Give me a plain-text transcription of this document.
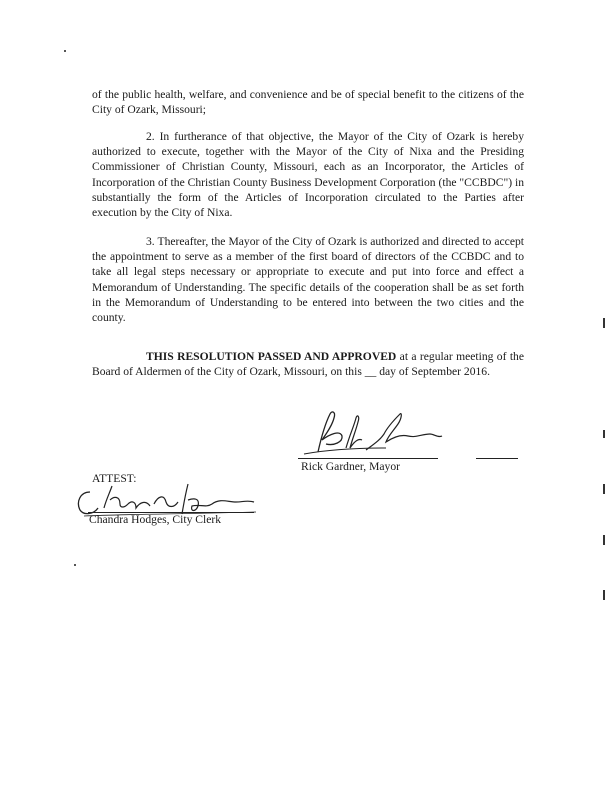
of the public health, welfare, and convenience and be of special benefit to the citizens of the City of Ozark, Missouri;

2. In furtherance of that objective, the Mayor of the City of Ozark is hereby authorized to execute, together with the Mayor of the City of Nixa and the Presiding Commissioner of Christian County, Missouri, each as an Incorporator, the Articles of Incorporation of the Christian County Business Development Corporation (the "CCBDC") in substantially the form of the Articles of Incorporation circulated to the Parties after execution by the City of Nixa.

3. Thereafter, the Mayor of the City of Ozark is authorized and directed to accept the appointment to serve as a member of the first board of directors of the CCBDC and to take all legal steps necessary or appropriate to execute and put into force and effect a Memorandum of Understanding. The specific details of the cooperation shall be as set forth in the Memorandum of Understanding to be entered into between the two cities and the county.

THIS RESOLUTION PASSED AND APPROVED at a regular meeting of the Board of Aldermen of the City of Ozark, Missouri, on this __ day of September 2016.

Rick Gardner, Mayor
ATTEST:
Chandra Hodges, City Clerk
